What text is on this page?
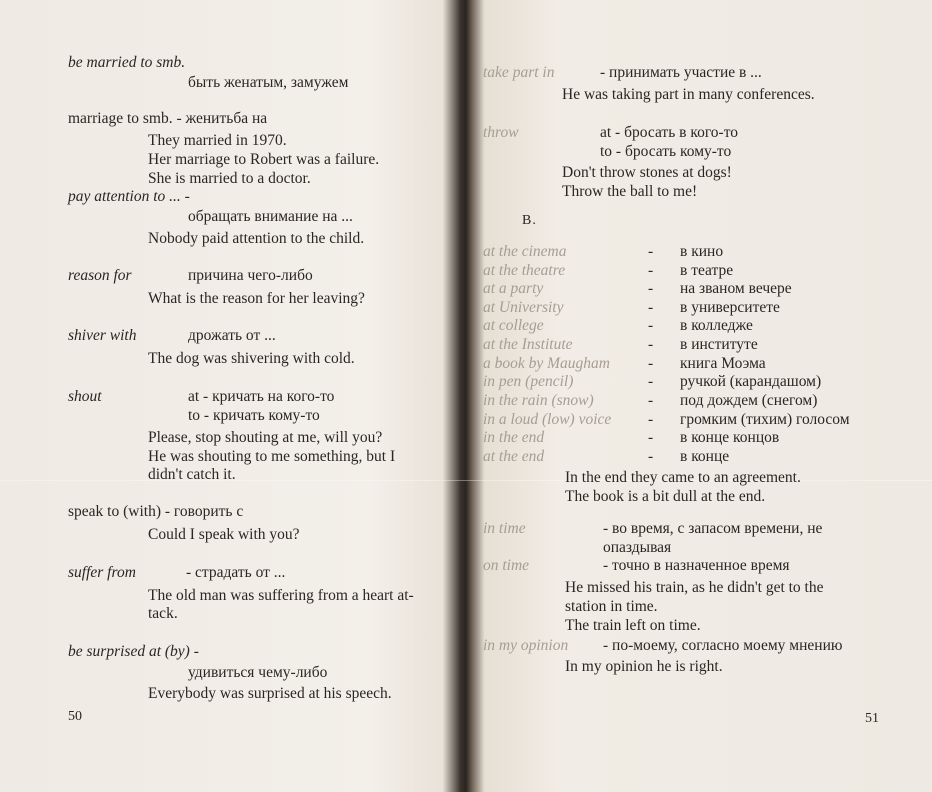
be married to smb.
быть женатым, замужем
marriage to smb. - женитьба на
They married in 1970.
Her marriage to Robert was a failure.
She is married to a doctor.
pay attention to ... -
обращать внимание на ...
Nobody paid attention to the child.
reason for	причина чего-либо
What is the reason for her leaving?
shiver with	дрожать от ...
The dog was shivering with cold.
shout	at - кричать на кого-то
to - кричать кому-то
Please, stop shouting at me, will you?
He was shouting to me something, but I
didn't catch it.
speak to (with) - говорить с
Could I speak with you?
suffer from	- страдать от ...
The old man was suffering from a heart at-
tack.
be surprised at (by) -
удивиться чему-либо
Everybody was surprised at his speech.
50
take part in	- принимать участие в ...
He was taking part in many conferences.
throw	at - бросать в кого-то
to - бросать кому-то
Don't throw stones at dogs!
Throw the ball to me!
B.
at the cinema	- в кино
at the theatre	- в театре
at a party	- на званом вечере
at University	- в университете
at college	- в колледже
at the Institute	- в институте
a book by Maugham - книга Моэма
in pen (pencil)	- ручкой (карандашом)
in the rain (snow)	- под дождем (снегом)
in a loud (low) voice - громким (тихим) голосом
in the end	- в конце концов
at the end	- в конце
In the end they came to an agreement.
The book is a bit dull at the end.
in time	- во время, с запасом времени, не
опаздывая
on time	- точно в назначенное время
He missed his train, as he didn't get to the
station in time.
The train left on time.
in my opinion - по-моему, согласно моему мнению
In my opinion he is right.
51
